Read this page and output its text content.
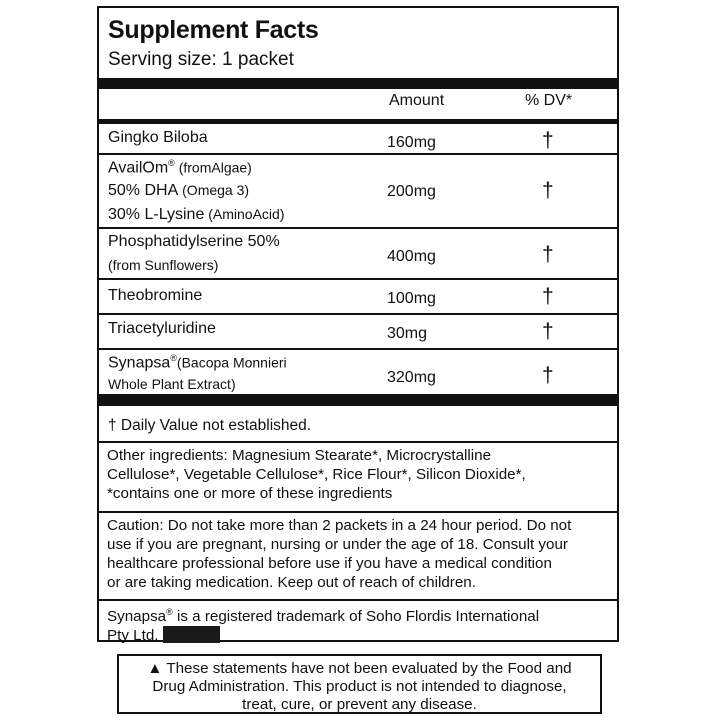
Supplement Facts
Serving size: 1 packet
Amount	% DV*
Gingko Biloba	160mg	†
AvailOm® (fromAlgae)
50% DHA (Omega 3)
30% L-Lysine (AminoAcid)
200mg	†
Phosphatidylserine 50%
(from Sunflowers)	400mg	†
Theobromine	100mg	†
Triacetyluridine	30mg	†
Synapsa®(Bacopa Monnieri
Whole Plant Extract)	320mg	†
† Daily Value not established.
Other ingredients: Magnesium Stearate*, Microcrystalline
Cellulose*, Vegetable Cellulose*, Rice Flour*, Silicon Dioxide*,
*contains one or more of these ingredients
Caution: Do not take more than 2 packets in a 24 hour period. Do not
use if you are pregnant, nursing or under the age of 18. Consult your
healthcare professional before use if you have a medical condition
or are taking medication. Keep out of reach of children.
Synapsa® is a registered trademark of Soho Flordis International
Pty Ltd.
▲ These statements have not been evaluated by the Food and
Drug Administration. This product is not intended to diagnose,
treat, cure, or prevent any disease.
